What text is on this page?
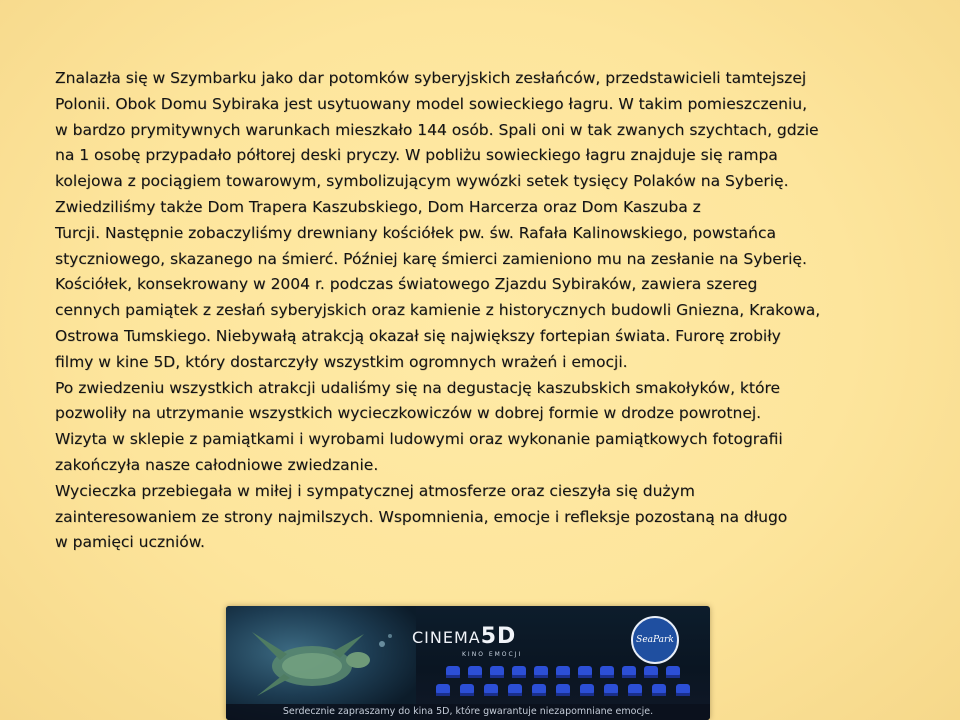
Znalazła się w Szymbarku jako dar potomków syberyjskich zesłańców, przedstawicieli tamtejszej
Polonii. Obok Domu Sybiraka jest usytuowany model sowieckiego łagru. W takim pomieszczeniu,
w bardzo prymitywnych warunkach mieszkało 144 osób. Spali oni w tak zwanych szychtach, gdzie
na 1 osobę przypadało półtorej deski pryczy. W pobliżu sowieckiego łagru znajduje się rampa
kolejowa z pociągiem towarowym, symbolizującym wywózki setek tysięcy Polaków na Syberię.
Zwiedziliśmy także Dom Trapera Kaszubskiego, Dom Harcerza oraz Dom Kaszuba z
Turcji. Następnie zobaczyliśmy drewniany kościółek pw. św. Rafała Kalinowskiego, powstańca
styczniowego, skazanego na śmierć. Później karę śmierci zamieniono mu na zesłanie na Syberię.
Kościółek, konsekrowany w 2004 r. podczas światowego Zjazdu Sybiraków, zawiera szereg
cennych pamiątek z zesłań syberyjskich oraz kamienie z historycznych budowli Gniezna, Krakowa,
Ostrowa Tumskiego. Niebywałą atrakcją okazał się największy fortepian świata. Furorę zrobiły
filmy w kine 5D, który dostarczyły wszystkim ogromnych wrażeń i emocji.
Po zwiedzeniu wszystkich atrakcji udaliśmy się na degustację kaszubskich smakołyków, które
pozwoliły na utrzymanie wszystkich wycieczkowiczów w dobrej formie w drodze powrotnej.
Wizyta w sklepie z pamiątkami i wyrobami ludowymi oraz wykonanie pamiątkowych fotografii
zakończyła nasze całodniowe zwiedzanie.
Wycieczka przebiegała w miłej i sympatycznej atmosferze oraz cieszyła się dużym
zainteresowaniem ze strony najmilszych. Wspomnienia, emocje i refleksje pozostaną na długo
w pamięci uczniów.
CINEMA5D
KINO EMOCJI
SeaPark
Serdecznie zapraszamy do kina 5D, które gwarantuje niezapomniane emocje.
